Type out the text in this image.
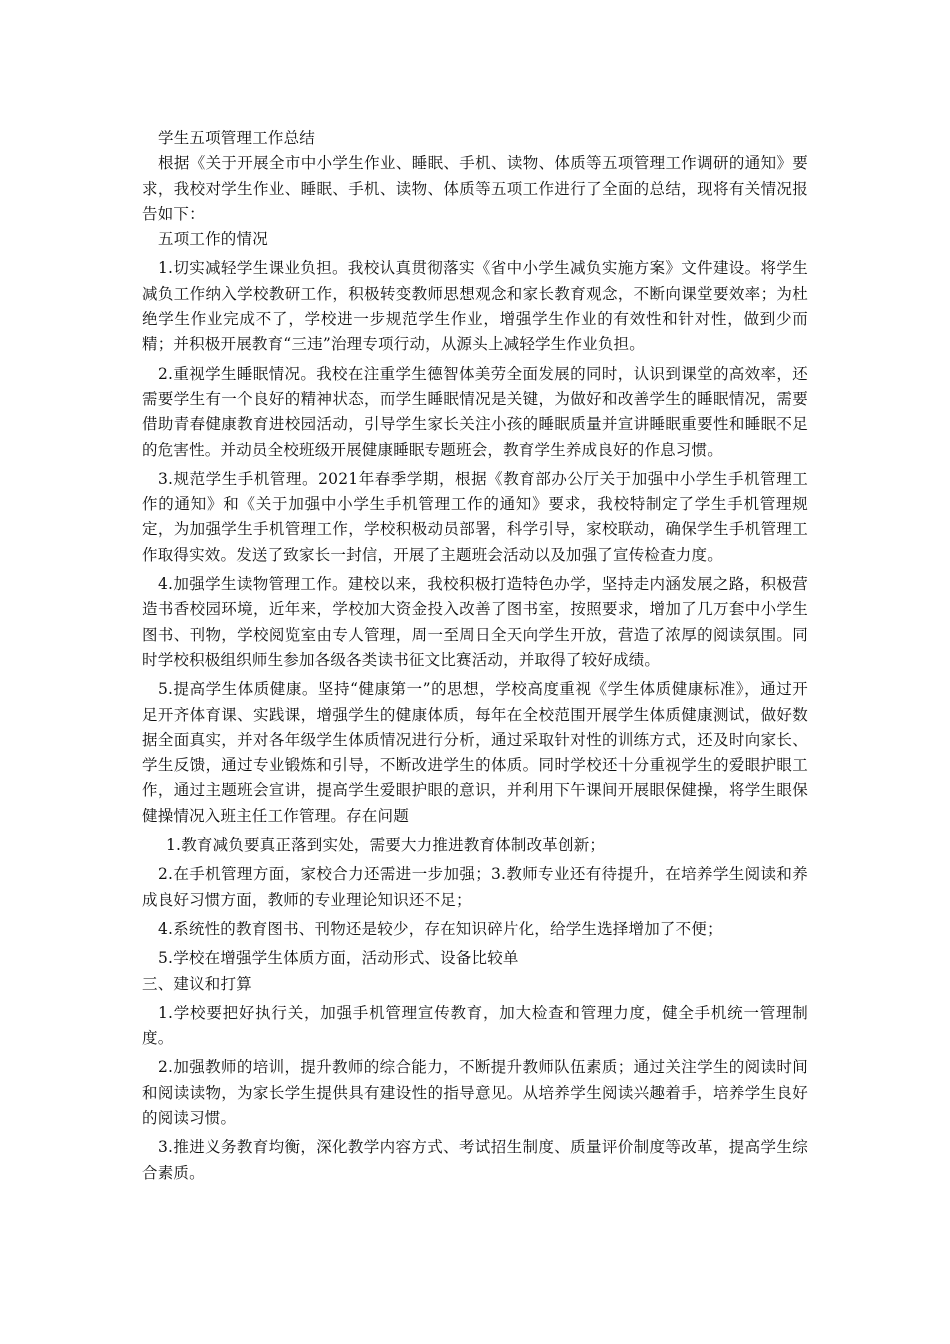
学生五项管理工作总结

根据《关于开展全市中小学生作业、睡眠、手机、读物、体质等五项管理工作调研的通知》要求，我校对学生作业、睡眠、手机、读物、体质等五项工作进行了全面的总结，现将有关情况报告如下：

五项工作的情况

1.切实减轻学生课业负担。我校认真贯彻落实《省中小学生减负实施方案》文件建设。将学生减负工作纳入学校教研工作，积极转变教师思想观念和家长教育观念，不断向课堂要效率；为杜绝学生作业完成不了，学校进一步规范学生作业，增强学生作业的有效性和针对性，做到少而精；并积极开展教育“三违”治理专项行动，从源头上减轻学生作业负担。

2.重视学生睡眠情况。我校在注重学生德智体美劳全面发展的同时，认识到课堂的高效率，还需要学生有一个良好的精神状态，而学生睡眠情况是关键，为做好和改善学生的睡眠情况，需要借助青春健康教育进校园活动，引导学生家长关注小孩的睡眠质量并宣讲睡眠重要性和睡眠不足的危害性。并动员全校班级开展健康睡眠专题班会，教育学生养成良好的作息习惯。

3.规范学生手机管理。2021年春季学期，根据《教育部办公厅关于加强中小学生手机管理工作的通知》和《关于加强中小学生手机管理工作的通知》要求，我校特制定了学生手机管理规定，为加强学生手机管理工作，学校积极动员部署，科学引导，家校联动，确保学生手机管理工作取得实效。发送了致家长一封信，开展了主题班会活动以及加强了宣传检查力度。

4.加强学生读物管理工作。建校以来，我校积极打造特色办学，坚持走内涵发展之路，积极营造书香校园环境，近年来，学校加大资金投入改善了图书室，按照要求，增加了几万套中小学生图书、刊物，学校阅览室由专人管理，周一至周日全天向学生开放，营造了浓厚的阅读氛围。同时学校积极组织师生参加各级各类读书征文比赛活动，并取得了较好成绩。

5.提高学生体质健康。坚持“健康第一”的思想，学校高度重视《学生体质健康标准》，通过开足开齐体育课、实践课，增强学生的健康体质，每年在全校范围开展学生体质健康测试，做好数据全面真实，并对各年级学生体质情况进行分析，通过采取针对性的训练方式，还及时向家长、学生反馈，通过专业锻炼和引导，不断改进学生的体质。同时学校还十分重视学生的爱眼护眼工作，通过主题班会宣讲，提高学生爱眼护眼的意识，并利用下午课间开展眼保健操，将学生眼保健操情况入班主任工作管理。存在问题

1.教育减负要真正落到实处，需要大力推进教育体制改革创新；

2.在手机管理方面，家校合力还需进一步加强；3.教师专业还有待提升，在培养学生阅读和养成良好习惯方面，教师的专业理论知识还不足；

4.系统性的教育图书、刊物还是较少，存在知识碎片化，给学生选择增加了不便；

5.学校在增强学生体质方面，活动形式、设备比较单

三、建议和打算

1.学校要把好执行关，加强手机管理宣传教育，加大检查和管理力度，健全手机统一管理制度。

2.加强教师的培训，提升教师的综合能力，不断提升教师队伍素质；通过关注学生的阅读时间和阅读读物，为家长学生提供具有建设性的指导意见。从培养学生阅读兴趣着手，培养学生良好的阅读习惯。

3.推进义务教育均衡，深化教学内容方式、考试招生制度、质量评价制度等改革，提高学生综合素质。
